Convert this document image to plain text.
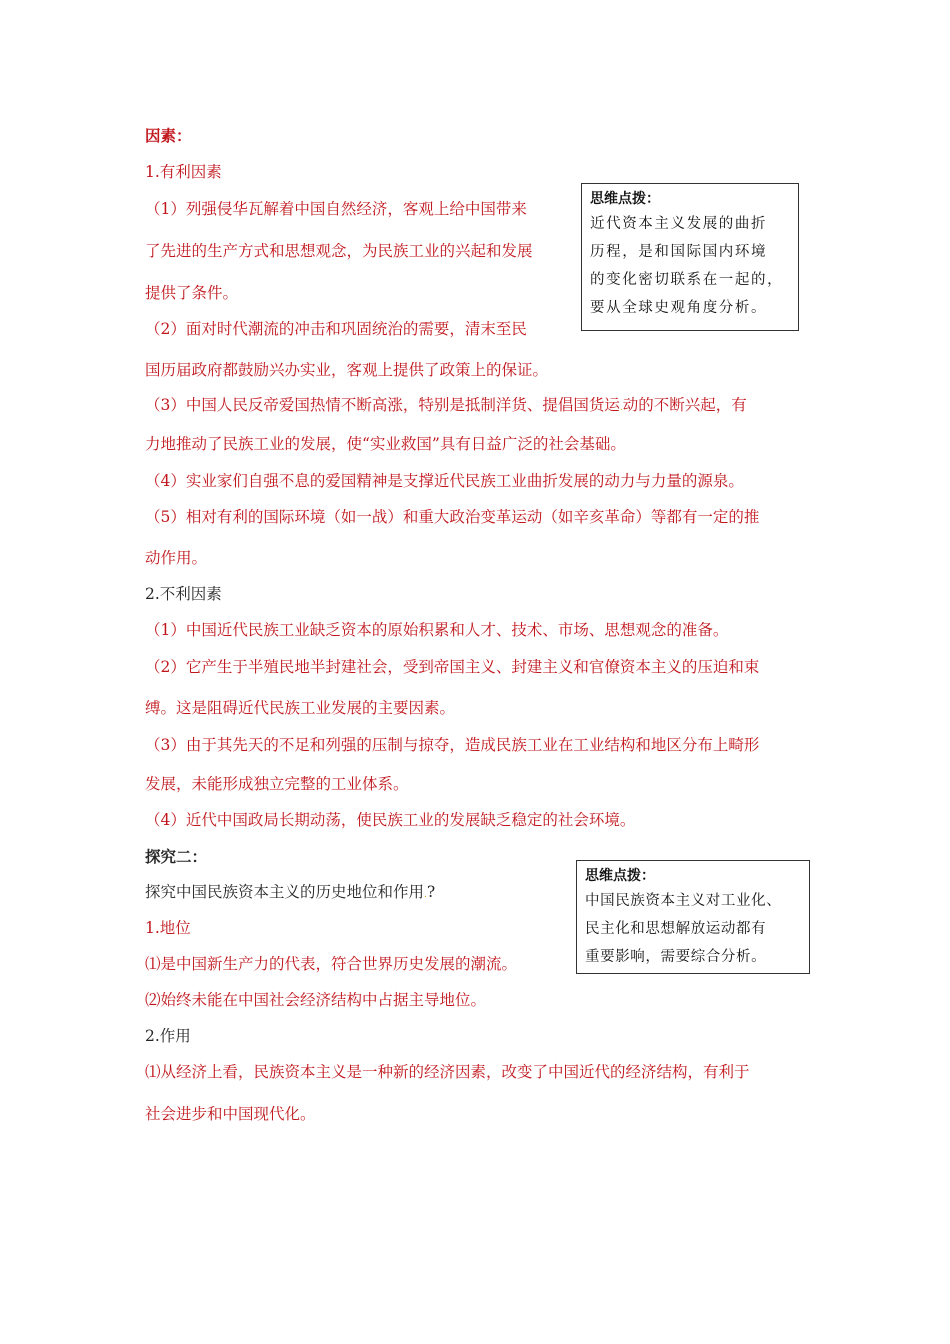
因素：
1.有利因素
（1）列强侵华瓦解着中国自然经济，客观上给中国带来
了先进的生产方式和思想观念，为民族工业的兴起和发展
提供了条件。
（2）面对时代潮流的冲击和巩固统治的需要，清末至民
国历届政府都鼓励兴办实业，客观上提供了政策上的保证。
（3）中国人民反帝爱国热情不断高涨，特别是抵制洋货、提倡国货运.动的不断兴起，有
力地推动了民族工业的发展，使“实业救国”具有日益广泛的社会基础。
（4）实业家们自强不息的爱国精神是支撑近代民族工业曲折发展的动力与力量的源泉。
（5）相对有利的国际环境（如一战）和重大政治变革运动（如辛亥革命）等都有一定的推
动作用。
2.不利因素
（1）中国近代民族工业缺乏资本的原始积累和人才、技术、市场、思想观念的准备。
（2）它产生于半殖民地半封建社会，受到帝国主义、封建主义和官僚资本主义的压迫和束
缚。这是阻碍近代民族工业发展的主要因素。
（3）由于其先天的不足和列强的压制与掠夺，造成民族工业在工业结构和地区分布上畸形
发展，未能形成独立完整的工业体系。
（4）近代中国政局长期动荡，使民族工业的发展缺乏稳定的社会环境。
探究二：
探究中国民族资本主义的历史地位和作用.?
1.地位
⑴是中国新生产力的代表，符合世界历史发展的潮流。
⑵始终未能在中国社会经济结构中占据主导地位。
2.作用
⑴从经济上看，民族资本主义是一种新的经济因素，改变了中国近代的经济结构，有利于
社会进步和中国现代化。
思维点拨：
近代资本主义发展的曲折
历程，是和国际国内环境
的变化密切联系在一起的，
要从全球史观角度分析。
思维点拨：
中国民族资本主义对工业化、
民主化和思想解放运动都有
重要影响，需要综合分析。
